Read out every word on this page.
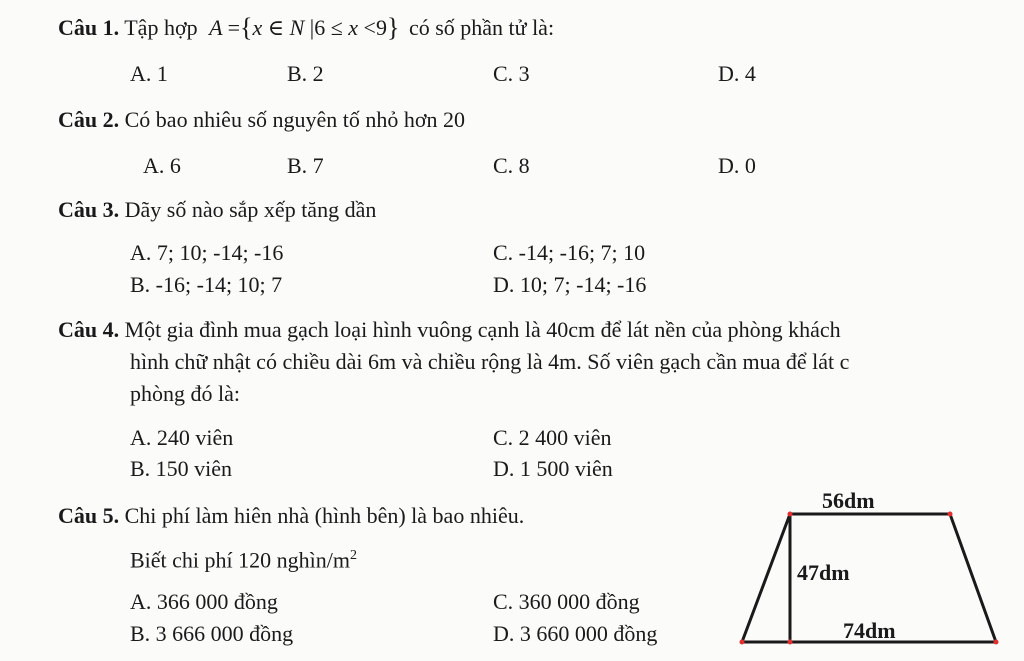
Câu 1. Tập hợp A ={x ∈ N |6 ≤ x <9} có số phần tử là:
A. 1	B. 2	C. 3	D. 4
Câu 2. Có bao nhiêu số nguyên tố nhỏ hơn 20
A. 6	B. 7	C. 8	D. 0
Câu 3. Dãy số nào sắp xếp tăng dần
A. 7; 10; -14; -16	C. -14; -16; 7; 10
B. -16; -14; 10; 7	D. 10; 7; -14; -16
Câu 4. Một gia đình mua gạch loại hình vuông cạnh là 40cm để lát nền của phòng khách
hình chữ nhật có chiều dài 6m và chiều rộng là 4m. Số viên gạch cần mua để lát c
phòng đó là:
A. 240 viên	C. 2 400 viên
B. 150 viên	D. 1 500 viên
Câu 5. Chi phí làm hiên nhà (hình bên) là bao nhiêu.
Biết chi phí 120 nghìn/$m^2$
A. 366 000 đồng	C. 360 000 đồng
B. 3 666 000 đồng	D. 3 660 000 đồng
56dm
47dm
74dm
